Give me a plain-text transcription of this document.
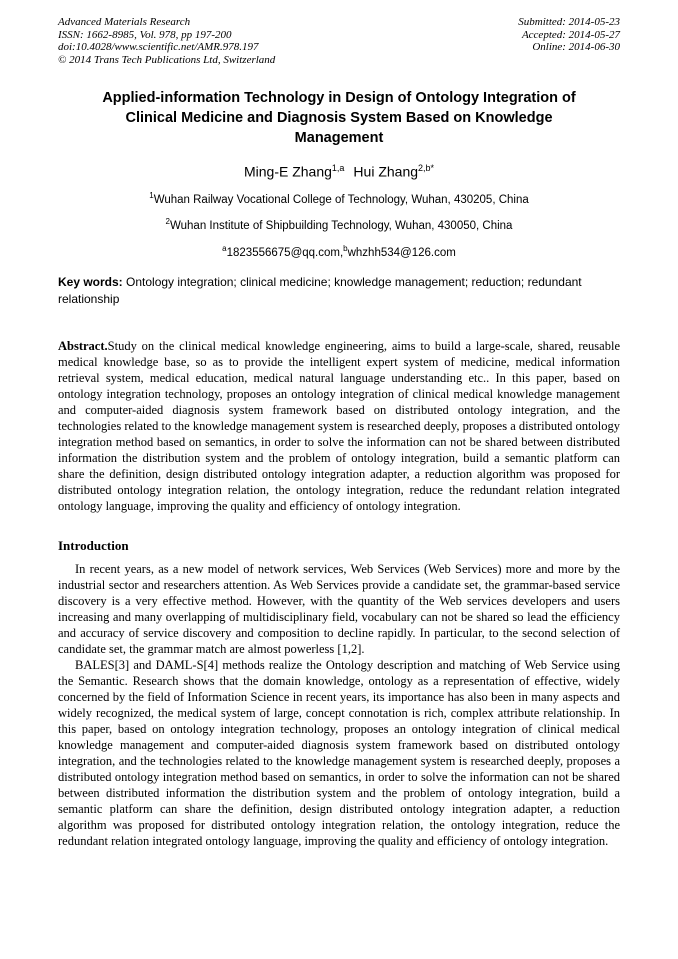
Advanced Materials Research
ISSN: 1662-8985, Vol. 978, pp 197-200
doi:10.4028/www.scientific.net/AMR.978.197
© 2014 Trans Tech Publications Ltd, Switzerland
Submitted: 2014-05-23
Accepted: 2014-05-27
Online: 2014-06-30
Applied-information Technology in Design of Ontology Integration of Clinical Medicine and Diagnosis System Based on Knowledge Management
Ming-E Zhang$^{1,a}$ Hui Zhang$^{2,b*}$
$^1$Wuhan Railway Vocational College of Technology, Wuhan, 430205, China
$^2$Wuhan Institute of Shipbuilding Technology, Wuhan, 430050, China
$^a$1823556675@qq.com,$^b$whzhh534@126.com

Key words: Ontology integration; clinical medicine; knowledge management; reduction; redundant relationship

Abstract.Study on the clinical medical knowledge engineering, aims to build a large-scale, shared, reusable medical knowledge base, so as to provide the intelligent expert system of medicine, medical information retrieval system, medical education, medical natural language understanding etc.. In this paper, based on ontology integration technology, proposes an ontology integration of clinical medical knowledge management and computer-aided diagnosis system framework based on distributed ontology integration, and the technologies related to the knowledge management system is researched deeply, proposes a distributed ontology integration method based on semantics, in order to solve the information can not be shared between distributed information the distribution system and the problem of ontology integration, build a semantic platform can share the definition, design distributed ontology integration adapter, a reduction algorithm was proposed for distributed ontology integration relation, the ontology integration, reduce the redundant relation integrated ontology language, improving the quality and efficiency of ontology integration.

Introduction

In recent years, as a new model of network services, Web Services (Web Services) more and more by the industrial sector and researchers attention. As Web Services provide a candidate set, the grammar-based service discovery is a very effective method. However, with the quantity of the Web services developers and users increasing and many overlapping of multidisciplinary field, vocabulary can not be shared so lead the efficiency and accuracy of service discovery and composition to decline rapidly. In particular, to the second selection of candidate set, the grammar match are almost powerless [1,2].

BALES[3] and DAML-S[4] methods realize the Ontology description and matching of Web Service using the Semantic. Research shows that the domain knowledge, ontology as a representation of effective, widely concerned by the field of Information Science in recent years, its importance has also been in many aspects and widely recognized, the medical system of large, concept connotation is rich, complex attribute relationship. In this paper, based on ontology integration technology, proposes an ontology integration of clinical medical knowledge management and computer-aided diagnosis system framework based on distributed ontology integration, and the technologies related to the knowledge management system is researched deeply, proposes a distributed ontology integration method based on semantics, in order to solve the information can not be shared between distributed information the distribution system and the problem of ontology integration, build a semantic platform can share the definition, design distributed ontology integration adapter, a reduction algorithm was proposed for distributed ontology integration relation, the ontology integration, reduce the redundant relation integrated ontology language, improving the quality and efficiency of ontology integration.
